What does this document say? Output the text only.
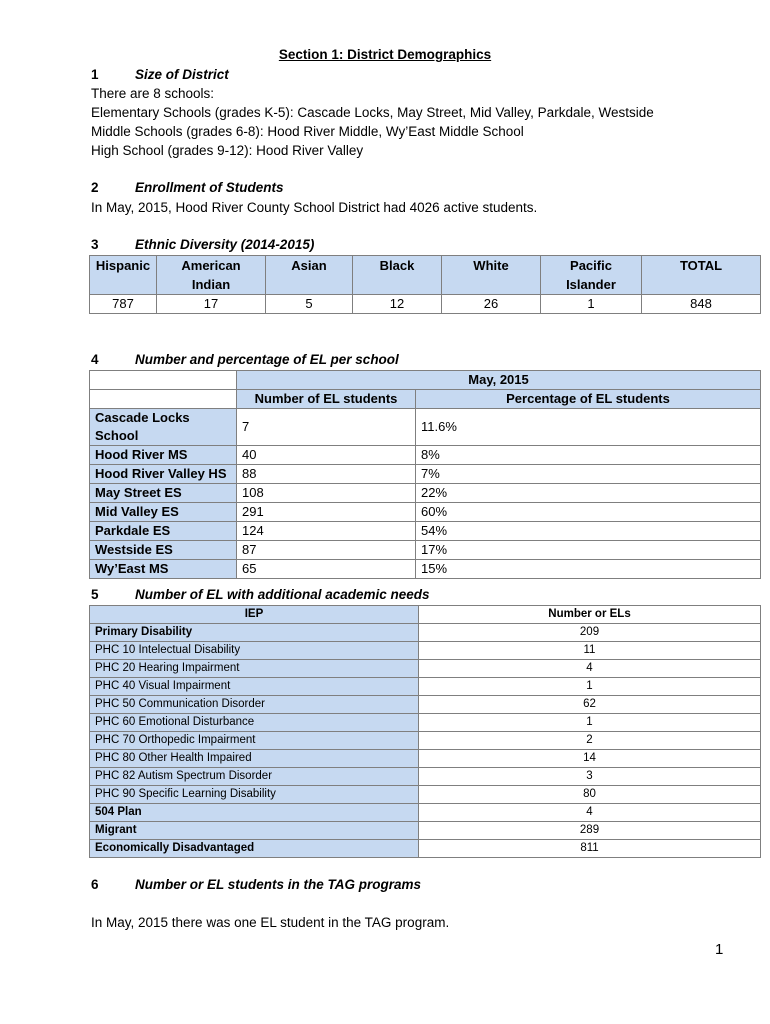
Section 1: District Demographics
1	Size of District
There are 8 schools:
Elementary Schools (grades K-5): Cascade Locks, May Street, Mid Valley, Parkdale, Westside
Middle Schools (grades 6-8): Hood River Middle, Wy’East Middle School
High School (grades 9-12): Hood River Valley
2	Enrollment of Students
In May, 2015, Hood River County School District had 4026 active students.
3	Ethnic Diversity (2014-2015)
Hispanic	American Indian	Asian	Black	White	Pacific Islander	TOTAL
787	17	5	12	26	1	848
4	Number and percentage of EL per school
	May, 2015	
	Number of EL students	Percentage of EL students
Cascade Locks School	7	11.6%
Hood River MS	40	8%
Hood River Valley HS	88	7%
May Street ES	108	22%
Mid Valley ES	291	60%
Parkdale ES	124	54%
Westside ES	87	17%
Wy’East MS	65	15%
5	Number of EL with additional academic needs
IEP	Number or ELs
Primary Disability	209
PHC 10 Intelectual Disability	11
PHC 20 Hearing Impairment	4
PHC 40 Visual Impairment	1
PHC 50 Communication Disorder	62
PHC 60 Emotional Disturbance	1
PHC 70 Orthopedic Impairment	2
PHC 80 Other Health Impaired	14
PHC 82 Autism Spectrum Disorder	3
PHC 90 Specific Learning Disability	80
504 Plan	4
Migrant	289
Economically Disadvantaged	811
6	Number or EL students in the TAG programs
In May, 2015 there was one EL student in the TAG program.
1
